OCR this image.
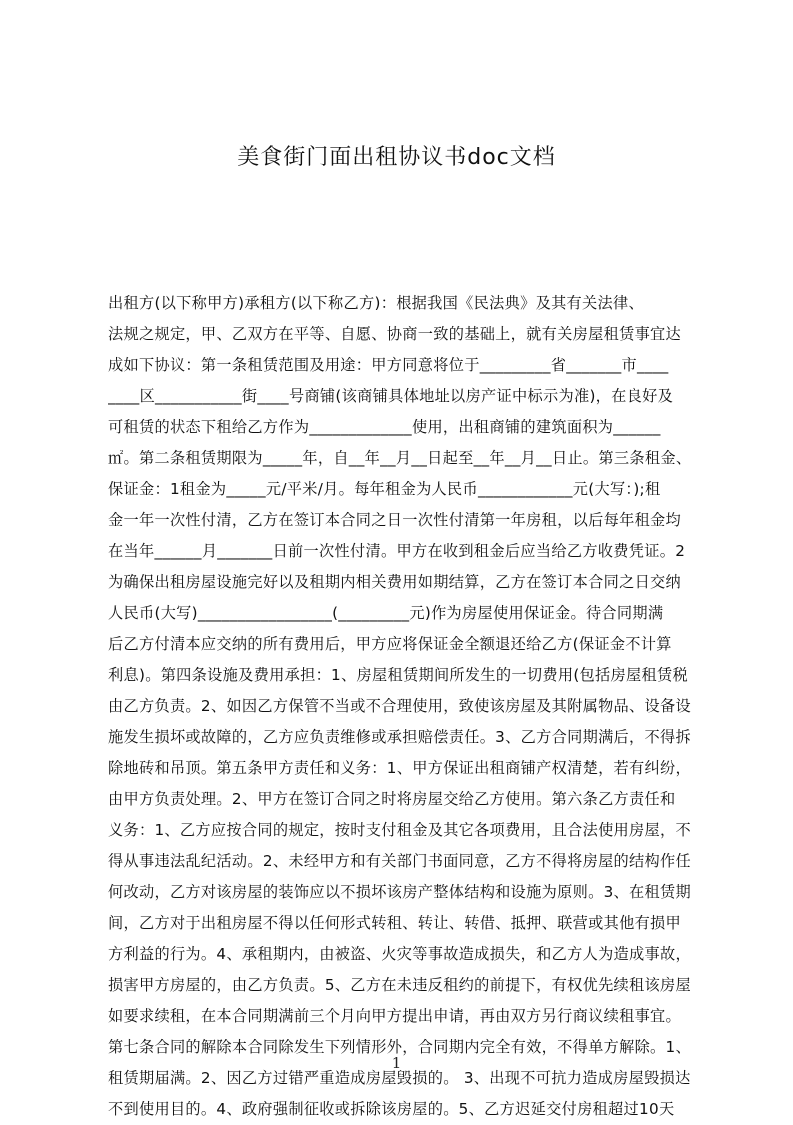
美食街门面出租协议书doc文档
出租方(以下称甲方)承租方(以下称乙方)：根据我国《民法典》及其有关法律、
法规之规定，甲、乙双方在平等、自愿、协商一致的基础上，就有关房屋租赁事宜达
成如下协议：第一条租赁范围及用途：甲方同意将位于_________省_______市____
____区___________街____号商铺(该商铺具体地址以房产证中标示为准)，在良好及
可租赁的状态下租给乙方作为_____________使用，出租商铺的建筑面积为______
㎡。第二条租赁期限为_____年，自__年__月__日起至__年__月__日止。第三条租金、
保证金：1租金为_____元/平米/月。每年租金为人民币____________元(大写：);租
金一年一次性付清，乙方在签订本合同之日一次性付清第一年房租，以后每年租金均
在当年______月_______日前一次性付清。甲方在收到租金后应当给乙方收费凭证。2
为确保出租房屋设施完好以及租期内相关费用如期结算，乙方在签订本合同之日交纳
人民币(大写)_________________(_________元)作为房屋使用保证金。待合同期满
后乙方付清本应交纳的所有费用后，甲方应将保证金全额退还给乙方(保证金不计算
利息)。第四条设施及费用承担：1、房屋租赁期间所发生的一切费用(包括房屋租赁税
由乙方负责。2、如因乙方保管不当或不合理使用，致使该房屋及其附属物品、设备设
施发生损坏或故障的，乙方应负责维修或承担赔偿责任。3、乙方合同期满后，不得拆
除地砖和吊顶。第五条甲方责任和义务：1、甲方保证出租商铺产权清楚，若有纠纷，
由甲方负责处理。2、甲方在签订合同之时将房屋交给乙方使用。第六条乙方责任和
义务：1、乙方应按合同的规定，按时支付租金及其它各项费用，且合法使用房屋，不
得从事违法乱纪活动。2、未经甲方和有关部门书面同意，乙方不得将房屋的结构作任
何改动，乙方对该房屋的装饰应以不损坏该房产整体结构和设施为原则。3、在租赁期
间，乙方对于出租房屋不得以任何形式转租、转让、转借、抵押、联营或其他有损甲
方利益的行为。4、承租期内，由被盗、火灾等事故造成损失，和乙方人为造成事故，
损害甲方房屋的，由乙方负责。5、乙方在未违反租约的前提下，有权优先续租该房屋
如要求续租，在本合同期满前三个月向甲方提出申请，再由双方另行商议续租事宜。
第七条合同的解除本合同除发生下列情形外，合同期内完全有效，不得单方解除。1、
租赁期届满。2、因乙方过错严重造成房屋毁损的。 3、出现不可抗力造成房屋毁损达
不到使用目的。4、政府强制征收或拆除该房屋的。5、乙方迟延交付房租超过10天
1
